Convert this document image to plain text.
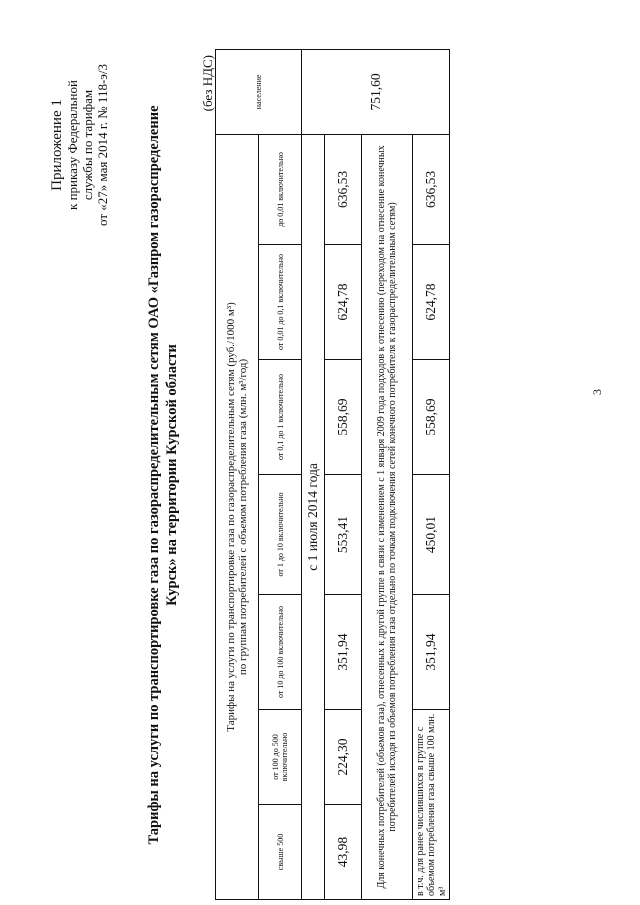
Приложение 1 к приказу Федеральной службы по тарифам от «27» мая 2014 г. № 118-э/3 Тарифы на услуги по транспортировке газа по газораспределительным сетям ОАО «Газпром газораспределение Курск» на территории Курской области
(без НДС)
Тарифы на услуги по транспортировке газа по газораспределительным сетям (руб./1000 м³) по группам потребителей с объемом потребления газа (млн. м³/год)							население
свыше 500	от 100 до 500 включительно	от 10 до 100 включительно	от 1 до 10 включительно	от 0,1 до 1 включительно	от 0,01 до 0,1 включительно	до 0,01 включительно	
с 1 июля 2014 года							751,60
43,98	224,30	351,94	553,41	558,69	624,78	636,53	
Для конечных потребителей (объемов газа), отнесенных к другой группе в связи с изменением с 1 января 2009 года подходов к отнесению (переходом на отнесение конечных потребителей исходя из объемов потребления газа отдельно по точкам подключения сетей конечного потребителя к газораспределительным сетям)							
в т.ч. для ранее числившихся в группе с объемом потребления газа свыше 100 млн. м³		351,94	450,01	558,69	624,78	636,53	
3
